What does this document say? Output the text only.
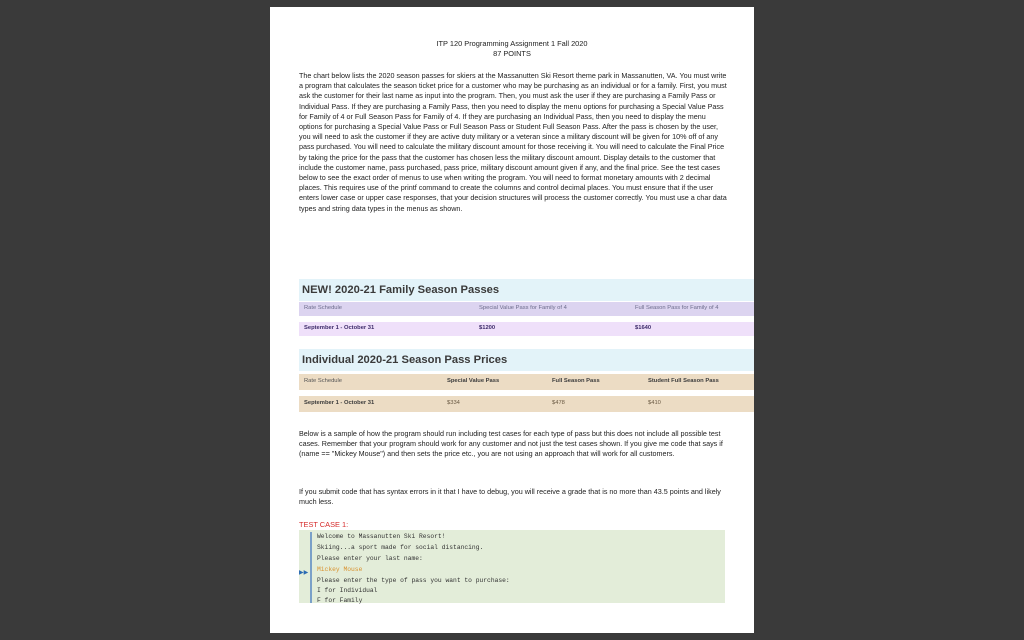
ITP 120 Programming Assignment 1 Fall 2020
87 POINTS

The chart below lists the 2020 season passes for skiers at the Massanutten Ski Resort theme park in Massanutten, VA. You must write a program that calculates the season ticket price for a customer who may be purchasing as an individual or for a family. First, you must ask the customer for their last name as input into the program. Then, you must ask the user if they are purchasing a Family Pass or Individual Pass. If they are purchasing a Family Pass, then you need to display the menu options for purchasing a Special Value Pass for Family of 4 or Full Season Pass for Family of 4. If they are purchasing an Individual Pass, then you need to display the menu options for purchasing a Special Value Pass or Full Season Pass or Student Full Season Pass. After the pass is chosen by the user, you will need to ask the customer if they are active duty military or a veteran since a military discount will be given for 10% off of any pass purchased. You will need to calculate the military discount amount for those receiving it. You will need to calculate the Final Price by taking the price for the pass that the customer has chosen less the military discount amount. Display details to the customer that include the customer name, pass purchased, pass price, military discount amount given if any, and the final price. See the test cases below to see the exact order of menus to use when writing the program. You will need to format monetary amounts with 2 decimal places. This requires use of the printf command to create the columns and control decimal places. You must ensure that if the user enters lower case or upper case responses, that your decision structures will process the customer correctly. You must use a char data types and string data types in the menus as shown.

NEW! 2020-21 Family Season Passes
Rate Schedule	Special Value Pass for Family of 4	Full Season Pass for Family of 4
September 1 - October 31	$1200	$1640
Individual 2020-21 Season Pass Prices
Rate Schedule	Special Value Pass	Full Season Pass	Student Full Season Pass
September 1 - October 31	$334	$478	$410

Below is a sample of how the program should run including test cases for each type of pass but this does not include all possible test cases. Remember that your program should work for any customer and not just the test cases shown. If you give me code that says if (name == "Mickey Mouse") and then sets the price etc., you are not using an approach that will work for all customers.

If you submit code that has syntax errors in it that I have to debug, you will receive a grade that is no more than 43.5 points and likely much less.

TEST CASE 1:
▶▶
Welcome to Massanutten Ski Resort!
Skiing...a sport made for social distancing.
Please enter your last name:
Mickey Mouse
Please enter the type of pass you want to purchase:
I for Individual
F for Family
